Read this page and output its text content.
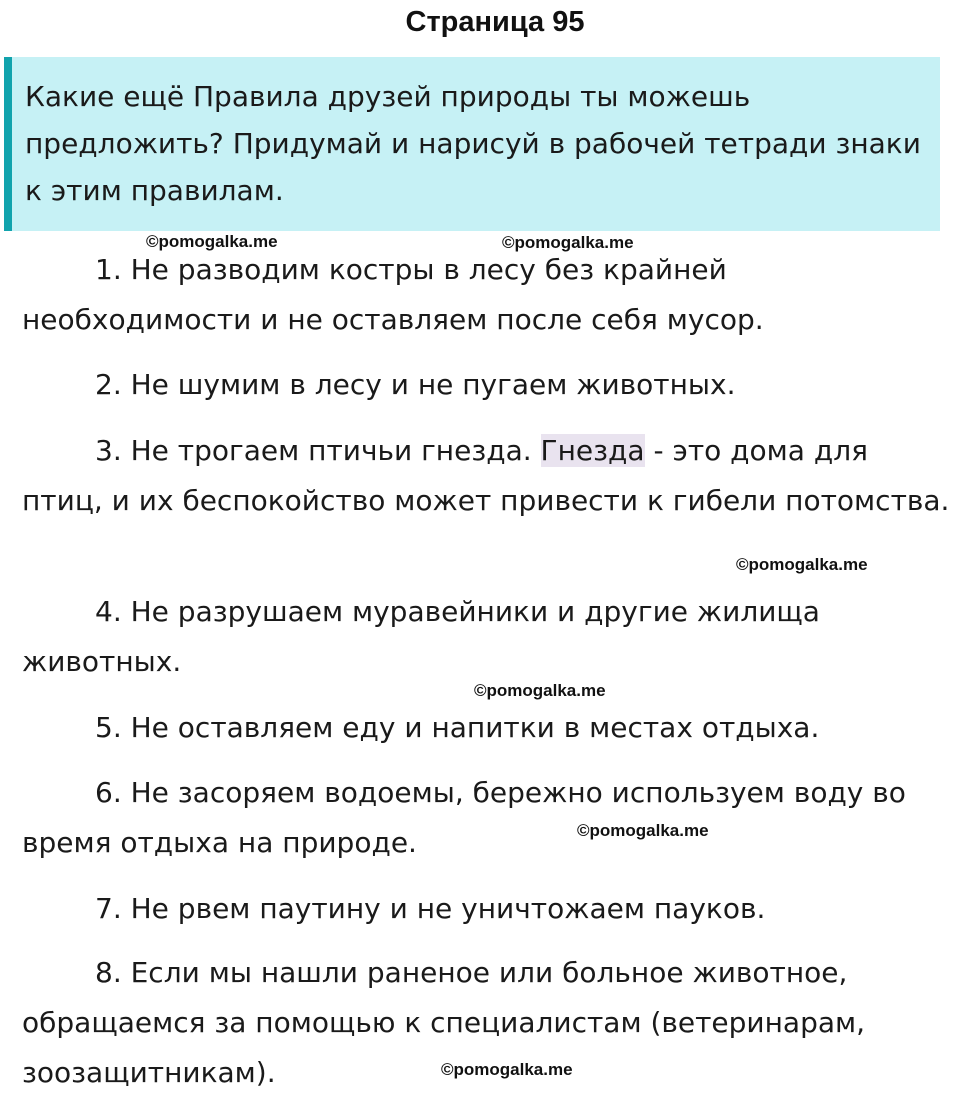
Страница 95
Какие ещё Правила друзей природы ты можешь предложить? Придумай и нарисуй в рабочей тетради знаки к этим правилам.
©pomogalka.me	©pomogalka.me

1. Не разводим костры в лесу без крайней необходимости и не оставляем после себя мусор.

2. Не шумим в лесу и не пугаем животных.

3. Не трогаем птичьи гнезда. Гнезда - это дома для птиц, и их беспокойство может привести к гибели потомства.

©pomogalka.me

4. Не разрушаем муравейники и другие жилища животных.

©pomogalka.me

5. Не оставляем еду и напитки в местах отдыха.

6. Не засоряем водоемы, бережно используем воду во время отдыха на природе.	©pomogalka.me

7. Не рвем паутину и не уничтожаем пауков.

8. Если мы нашли раненое или больное животное, обращаемся за помощью к специалистам (ветеринарам, зоозащитникам).	©pomogalka.me
